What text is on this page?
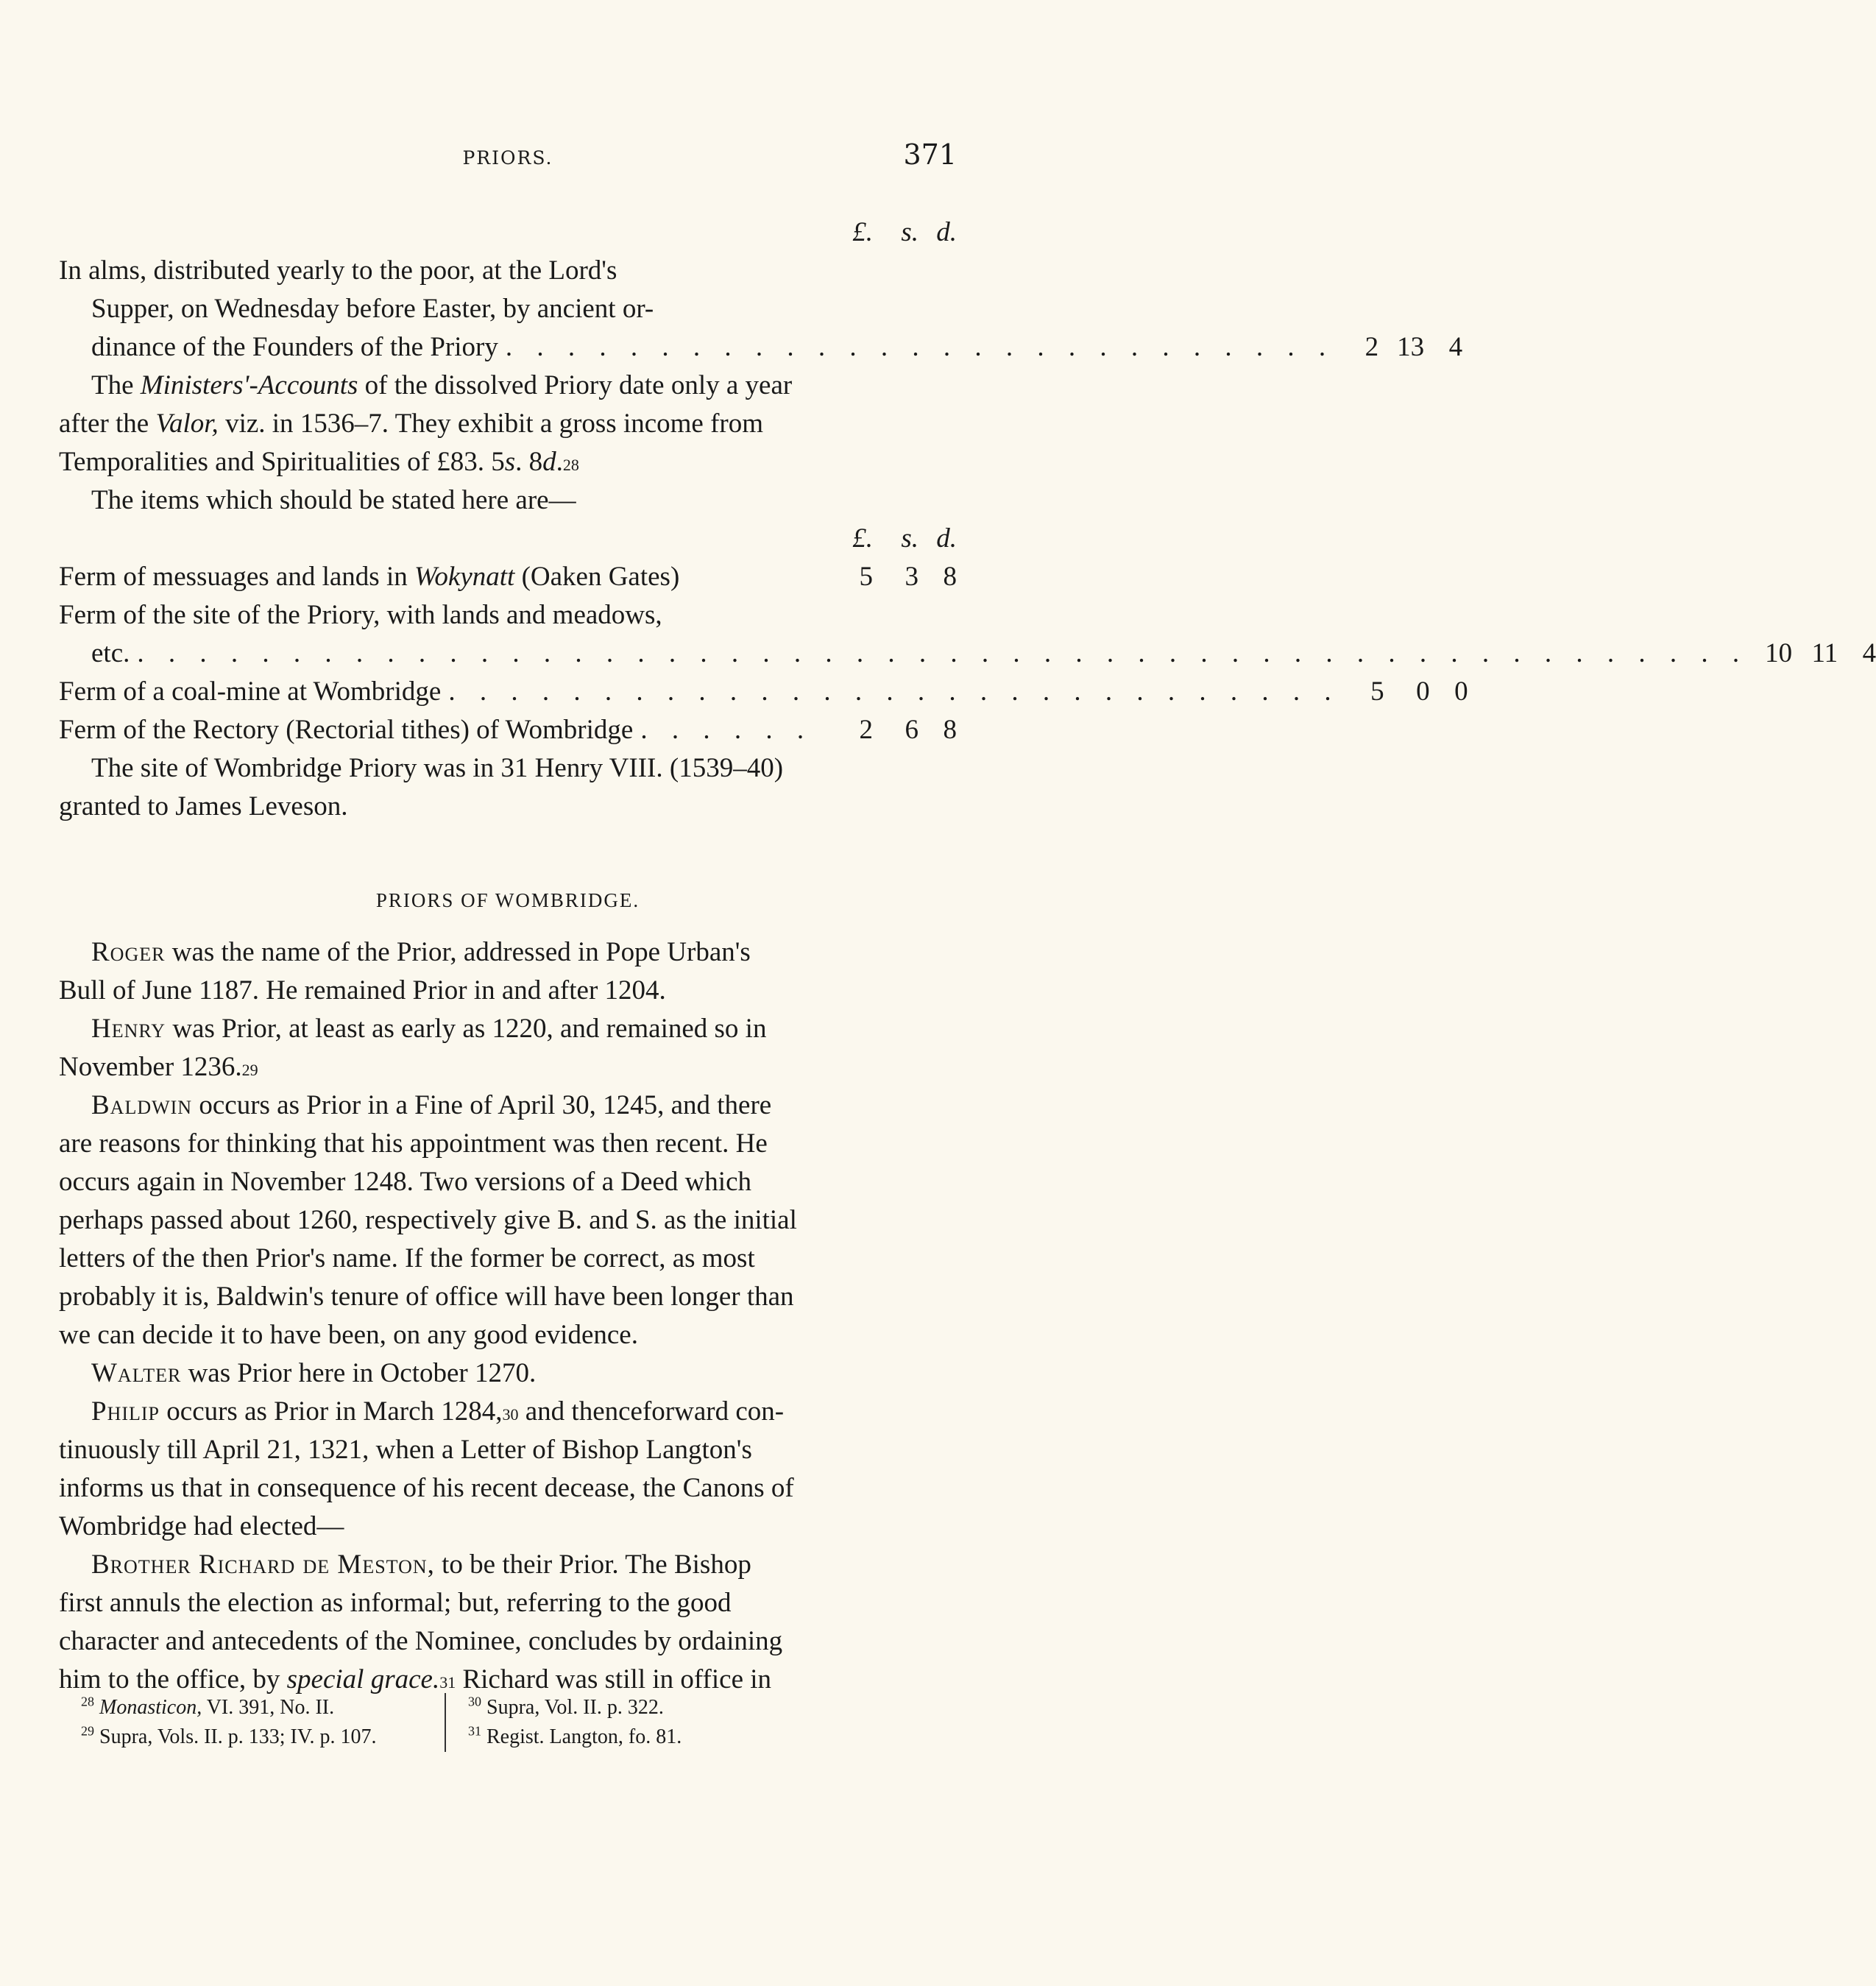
PRIORS.	371
£.	s. d.
In alms, distributed yearly to the poor, at the Lord's
Supper, on Wednesday before Easter, by ancient or-
dinance of the Founders of the Priory . . . . . . . . . . . . . . . . . . . . . . . . . . .	2 13 4
The Ministers'-Accounts of the dissolved Priory date only a year
after the Valor, viz. in 1536–7. They exhibit a gross income from
Temporalities and Spiritualities of £83. 5 s . 8 d . 28
The items which should be stated here are—
£.	s. d.
Ferm of messuages and lands in Wokynatt (Oaken Gates)	5	3 8
Ferm of the site of the Priory, with lands and meadows,
etc. . . . . . . . . . . . . . . . . . . . . . . . . . . . . . . . . . . . . . . . . . . . . . . . . . . . . 10 11 4
Ferm of a coal-mine at Wombridge . . . . . . . . . . . . . . . . . . . . . . . . . . . . .	5	0 0
Ferm of the Rectory (Rectorial tithes) of Wombridge . . . . . .	2	6 8
The site of Wombridge Priory was in 31 Henry VIII. (1539–40)
granted to James Leveson.
PRIORS OF WOMBRIDGE.
Roger was the name of the Prior, addressed in Pope Urban's
Bull of June 1187. He remained Prior in and after 1204.
Henry was Prior, at least as early as 1220, and remained so in
November 1236. 29
Baldwin occurs as Prior in a Fine of April 30, 1245, and there
are reasons for thinking that his appointment was then recent. He
occurs again in November 1248. Two versions of a Deed which
perhaps passed about 1260, respectively give B. and S. as the initial
letters of the then Prior's name. If the former be correct, as most
probably it is, Baldwin's tenure of office will have been longer than
we can decide it to have been, on any good evidence.
Walter was Prior here in October 1270.
Philip occurs as Prior in March 1284, 30 and thenceforward con-
tinuously till April 21, 1321, when a Letter of Bishop Langton's
informs us that in consequence of his recent decease, the Canons of
Wombridge had elected—
Brother Richard de Meston, to be their Prior. The Bishop
first annuls the election as informal; but, referring to the good
character and antecedents of the Nominee, concludes by ordaining
him to the office, by special grace. 31 Richard was still in office in
$^{28}$ Monasticon, VI. 391, No. II.
$^{29}$ Supra, Vols. II. p. 133; IV. p. 107.
$^{30}$ Supra, Vol. II. p. 322.
$^{31}$ Regist. Langton, fo. 81.
